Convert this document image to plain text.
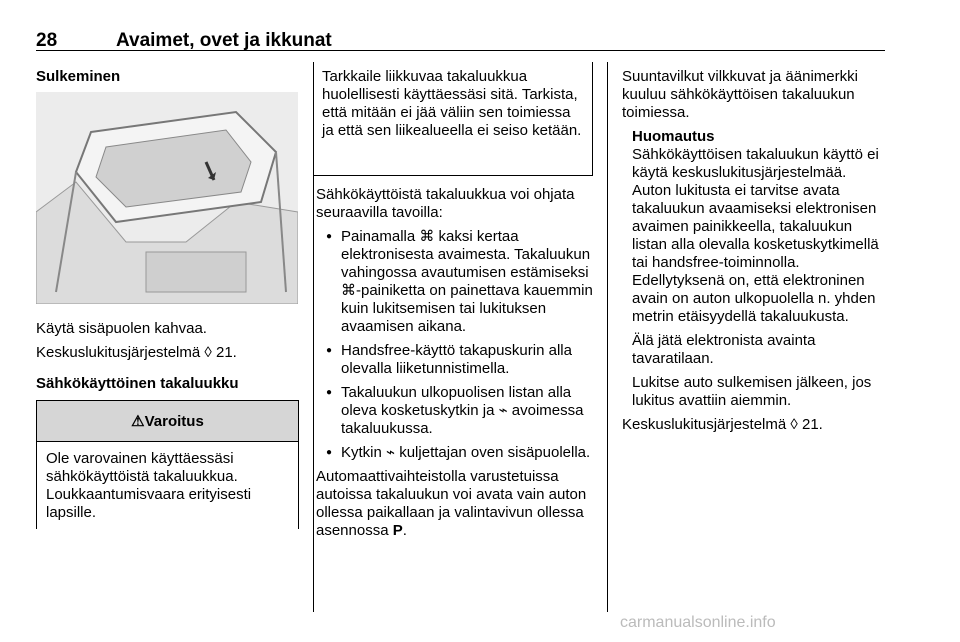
28	Avaimet, ovet ja ikkunat
Sulkeminen

Käytä sisäpuolen kahvaa.

Keskuslukitusjärjestelmä ◊ 21.

Sähkökäyttöinen takaluukku
⚠Varoitus
Ole varovainen käyttäessäsi sähkökäyttöistä takaluukkua. Loukkaantumisvaara erityisesti lapsille.
Tarkkaile liikkuvaa takaluukkua huolellisesti käyttäessäsi sitä. Tarkista, että mitään ei jää väliin sen toimiessa ja että sen liikealueella ei seiso ketään.

Sähkökäyttöistä takaluukkua voi ohjata seuraavilla tavoilla:

● Painamalla ⌘ kaksi kertaa elektronisesta avaimesta. Takaluukun vahingossa avautumisen estämiseksi ⌘-painiketta on painettava kauemmin kuin lukitsemisen tai lukituksen avaamisen aikana.
● Handsfree-käyttö takapuskurin alla olevalla liiketunnistimella.
● Takaluukun ulkopuolisen listan alla oleva kosketuskytkin ja ⌁ avoimessa takaluukussa.
● Kytkin ⌁ kuljettajan oven sisäpuolella.

Automaattivaihteistolla varustetuissa autoissa takaluukun voi avata vain auton ollessa paikallaan ja valintavivun ollessa asennossa P.

Suuntavilkut vilkkuvat ja äänimerkki kuuluu sähkökäyttöisen takaluukun toimiessa.

Huomautus

Sähkökäyttöisen takaluukun käyttö ei käytä keskuslukitusjärjestelmää. Auton lukitusta ei tarvitse avata takaluukun avaamiseksi elektronisen avaimen painikkeella, takaluukun listan alla olevalla kosketuskytkimellä tai handsfree-toiminnolla. Edellytyksenä on, että elektroninen avain on auton ulkopuolella n. yhden metrin etäisyydellä takaluukusta.

Älä jätä elektronista avainta tavaratilaan.

Lukitse auto sulkemisen jälkeen, jos lukitus avattiin aiemmin.

Keskuslukitusjärjestelmä ◊ 21.

carmanualsonline.info
